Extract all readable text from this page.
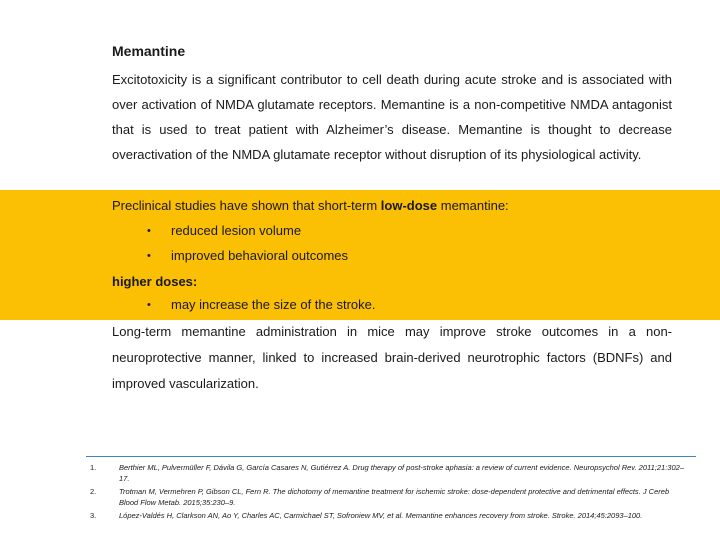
Memantine
Excitotoxicity is a significant contributor to cell death during acute stroke and is associated with over activation of NMDA glutamate receptors. Memantine is a non-competitive NMDA antagonist that is used to treat patient with Alzheimer’s disease. Memantine is thought to decrease overactivation of the NMDA glutamate receptor without disruption of its physiological activity.
Preclinical studies have shown that short-term low-dose memantine:
• reduced lesion volume
• improved behavioral outcomes
higher doses:
• may increase the size of the stroke.
Long-term memantine administration in mice may improve stroke outcomes in a non-neuroprotective manner, linked to increased brain-derived neurotrophic factors (BDNFs) and improved vascularization.
1.	Berthier ML, Pulvermüller F, Dávila G, García Casares N, Gutiérrez A. Drug therapy of post-stroke aphasia: a review of current evidence. Neuropsychol Rev. 2011;21:302–17.
2.	Trotman M, Vermehren P, Gibson CL, Fern R. The dichotomy of memantine treatment for ischemic stroke: dose-dependent protective and detrimental effects. J Cereb Blood Flow Metab. 2015;35:230–9.
3.	López-Valdés H, Clarkson AN, Ao Y, Charles AC, Carmichael ST, Sofroniew MV, et al. Memantine enhances recovery from stroke. Stroke. 2014;45:2093–100.
